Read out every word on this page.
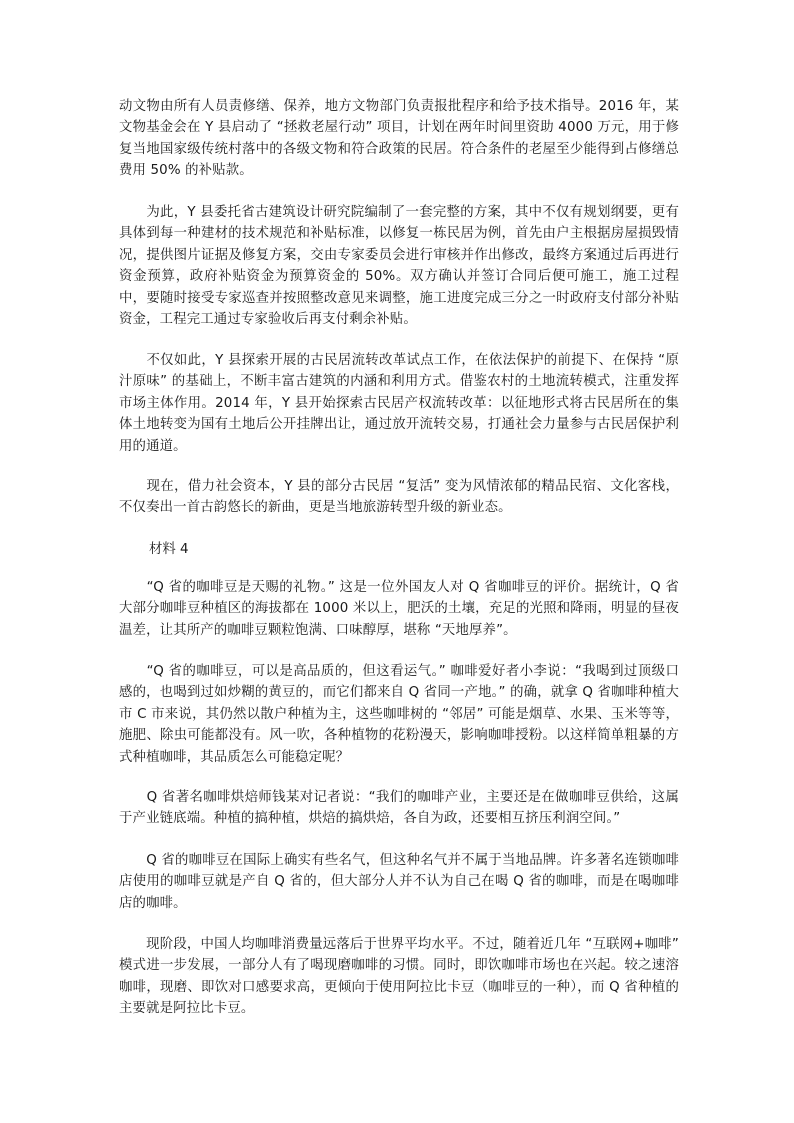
动文物由所有人员责修缮、保养，地方文物部门负责报批程序和给予技术指导。2016 年，某文物基金会在 Y 县启动了 “拯救老屋行动” 项目，计划在两年时间里资助 4000 万元，用于修复当地国家级传统村落中的各级文物和符合政策的民居。符合条件的老屋至少能得到占修缮总费用 50% 的补贴款。

　　为此，Y 县委托省古建筑设计研究院编制了一套完整的方案，其中不仅有规划纲要，更有具体到每一种建材的技术规范和补贴标准，以修复一栋民居为例，首先由户主根据房屋损毁情况，提供图片证据及修复方案，交由专家委员会进行审核并作出修改，最终方案通过后再进行资金预算，政府补贴资金为预算资金的 50%。双方确认并签订合同后便可施工，施工过程中，要随时接受专家巡查并按照整改意见来调整，施工进度完成三分之一时政府支付部分补贴资金，工程完工通过专家验收后再支付剩余补贴。

　　不仅如此，Y 县探索开展的古民居流转改革试点工作，在依法保护的前提下、在保持 “原汁原味” 的基础上，不断丰富古建筑的内涵和利用方式。借鉴农村的土地流转模式，注重发挥市场主体作用。2014 年，Y 县开始探索古民居产权流转改革：以征地形式将古民居所在的集体土地转变为国有土地后公开挂牌出让，通过放开流转交易，打通社会力量参与古民居保护利用的通道。

　　现在，借力社会资本，Y 县的部分古民居 “复活” 变为风情浓郁的精品民宿、文化客栈，不仅奏出一首古韵悠长的新曲，更是当地旅游转型升级的新业态。

材料 4

　　“Q 省的咖啡豆是天赐的礼物。” 这是一位外国友人对 Q 省咖啡豆的评价。据统计，Q 省大部分咖啡豆种植区的海拔都在 1000 米以上，肥沃的土壤，充足的光照和降雨，明显的昼夜温差，让其所产的咖啡豆颗粒饱满、口味醇厚，堪称 “天地厚养”。

　　“Q 省的咖啡豆，可以是高品质的，但这看运气。” 咖啡爱好者小李说：“我喝到过顶级口感的，也喝到过如炒糊的黄豆的，而它们都来自 Q 省同一产地。” 的确，就拿 Q 省咖啡种植大市 C 市来说，其仍然以散户种植为主，这些咖啡树的 “邻居” 可能是烟草、水果、玉米等等，施肥、除虫可能都没有。风一吹，各种植物的花粉漫天，影响咖啡授粉。以这样简单粗暴的方式种植咖啡，其品质怎么可能稳定呢？

　　Q 省著名咖啡烘焙师钱某对记者说：“我们的咖啡产业，主要还是在做咖啡豆供给，这属于产业链底端。种植的搞种植，烘焙的搞烘焙，各自为政，还要相互挤压利润空间。”

　　Q 省的咖啡豆在国际上确实有些名气，但这种名气并不属于当地品牌。许多著名连锁咖啡店使用的咖啡豆就是产自 Q 省的，但大部分人并不认为自己在喝 Q 省的咖啡，而是在喝咖啡店的咖啡。

　　现阶段，中国人均咖啡消费量远落后于世界平均水平。不过，随着近几年 “互联网+咖啡” 模式进一步发展，一部分人有了喝现磨咖啡的习惯。同时，即饮咖啡市场也在兴起。较之速溶咖啡，现磨、即饮对口感要求高，更倾向于使用阿拉比卡豆（咖啡豆的一种），而 Q 省种植的主要就是阿拉比卡豆。
